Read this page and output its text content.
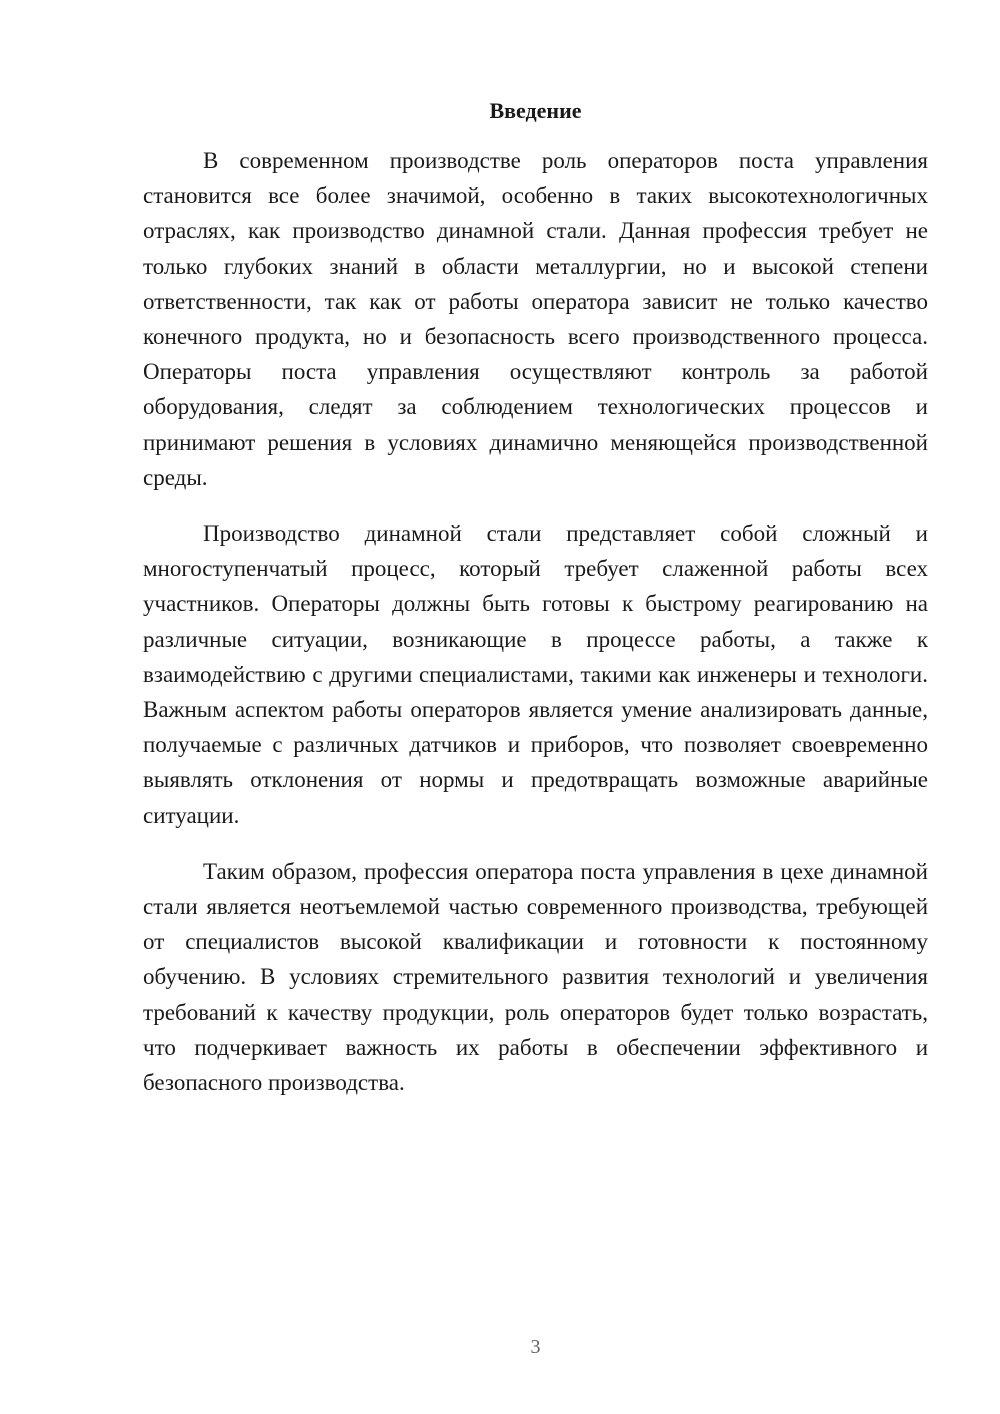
Введение

В современном производстве роль операторов поста управления становится все более значимой, особенно в таких высокотехнологичных отраслях, как производство динамной стали. Данная профессия требует не только глубоких знаний в области металлургии, но и высокой степени ответственности, так как от работы оператора зависит не только качество конечного продукта, но и безопасность всего производственного процесса. Операторы поста управления осуществляют контроль за работой оборудования, следят за соблюдением технологических процессов и принимают решения в условиях динамично меняющейся производственной среды.

Производство динамной стали представляет собой сложный и многоступенчатый процесс, который требует слаженной работы всех участников. Операторы должны быть готовы к быстрому реагированию на различные ситуации, возникающие в процессе работы, а также к взаимодействию с другими специалистами, такими как инженеры и технологи. Важным аспектом работы операторов является умение анализировать данные, получаемые с различных датчиков и приборов, что позволяет своевременно выявлять отклонения от нормы и предотвращать возможные аварийные ситуации.

Таким образом, профессия оператора поста управления в цехе динамной стали является неотъемлемой частью современного производства, требующей от специалистов высокой квалификации и готовности к постоянному обучению. В условиях стремительного развития технологий и увеличения требований к качеству продукции, роль операторов будет только возрастать, что подчеркивает важность их работы в обеспечении эффективного и безопасного производства.

3
